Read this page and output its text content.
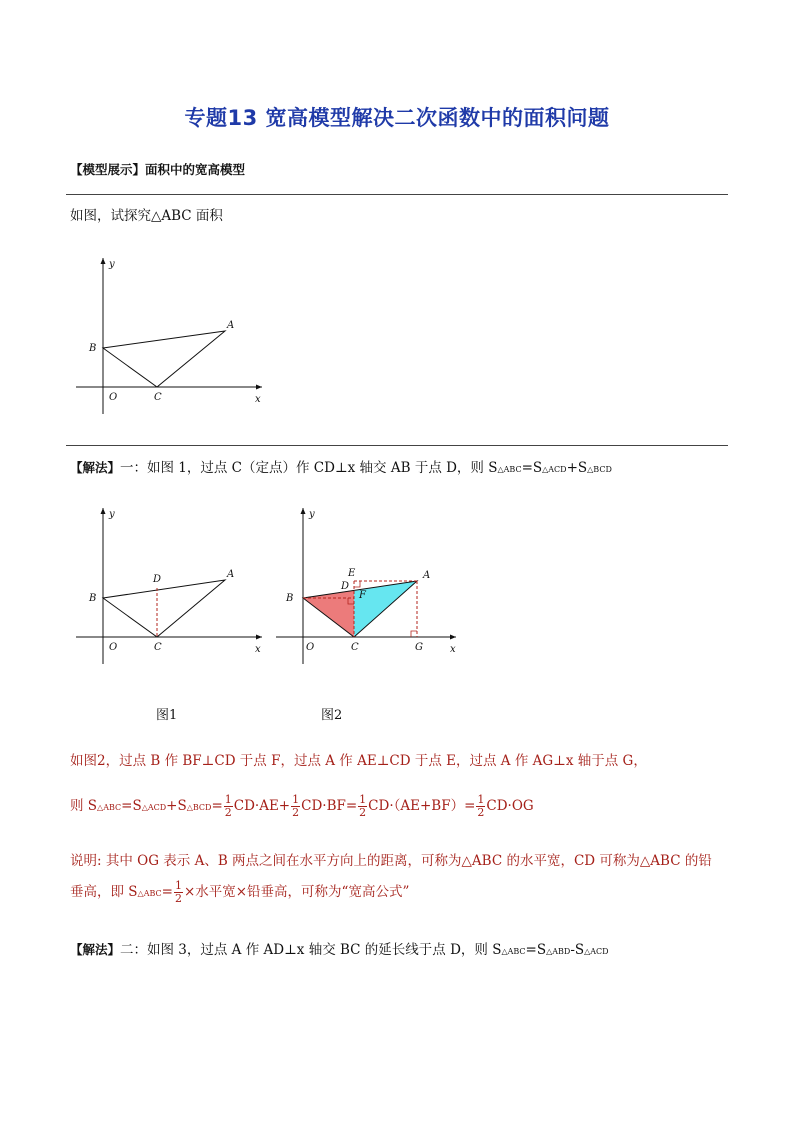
专题13 宽高模型解决二次函数中的面积问题
【模型展示】面积中的宽高模型
如图，试探究△ABC 面积
y
x
B
A
O	C
【解法】一：如图 1，过点 C（定点）作 CD⊥x 轴交 AB 于点 D，则 S△ABC=S△ACD+S△BCD
y
x
B
A
D
O	C
y
x
B
A
E
D
F
O	C	G
图1	图2
如图2，过点 B 作 BF⊥CD 于点 F，过点 A 作 AE⊥CD 于点 E，过点 A 作 AG⊥x 轴于点 G，
则 S△ABC=S△ACD+S△BCD= $\frac{1}{2} CD\cdot AE+ \frac{1}{2} CD\cdot BF= \frac{1}{2} CD\cdot(AE+BF)= \frac{1}{2} CD\cdot OG$
说明: 其中 OG 表示 A、B 两点之间在水平方向上的距离，可称为△ABC 的水平宽，CD 可称为△ABC 的铅
垂高，即 S△ABC= $\frac{1}{2}$ ×水平宽×铅垂高，可称为“宽高公式”
【解法】二：如图 3，过点 A 作 AD⊥x 轴交 BC 的延长线于点 D，则 S△ABC=S△ABD-S△ACD
